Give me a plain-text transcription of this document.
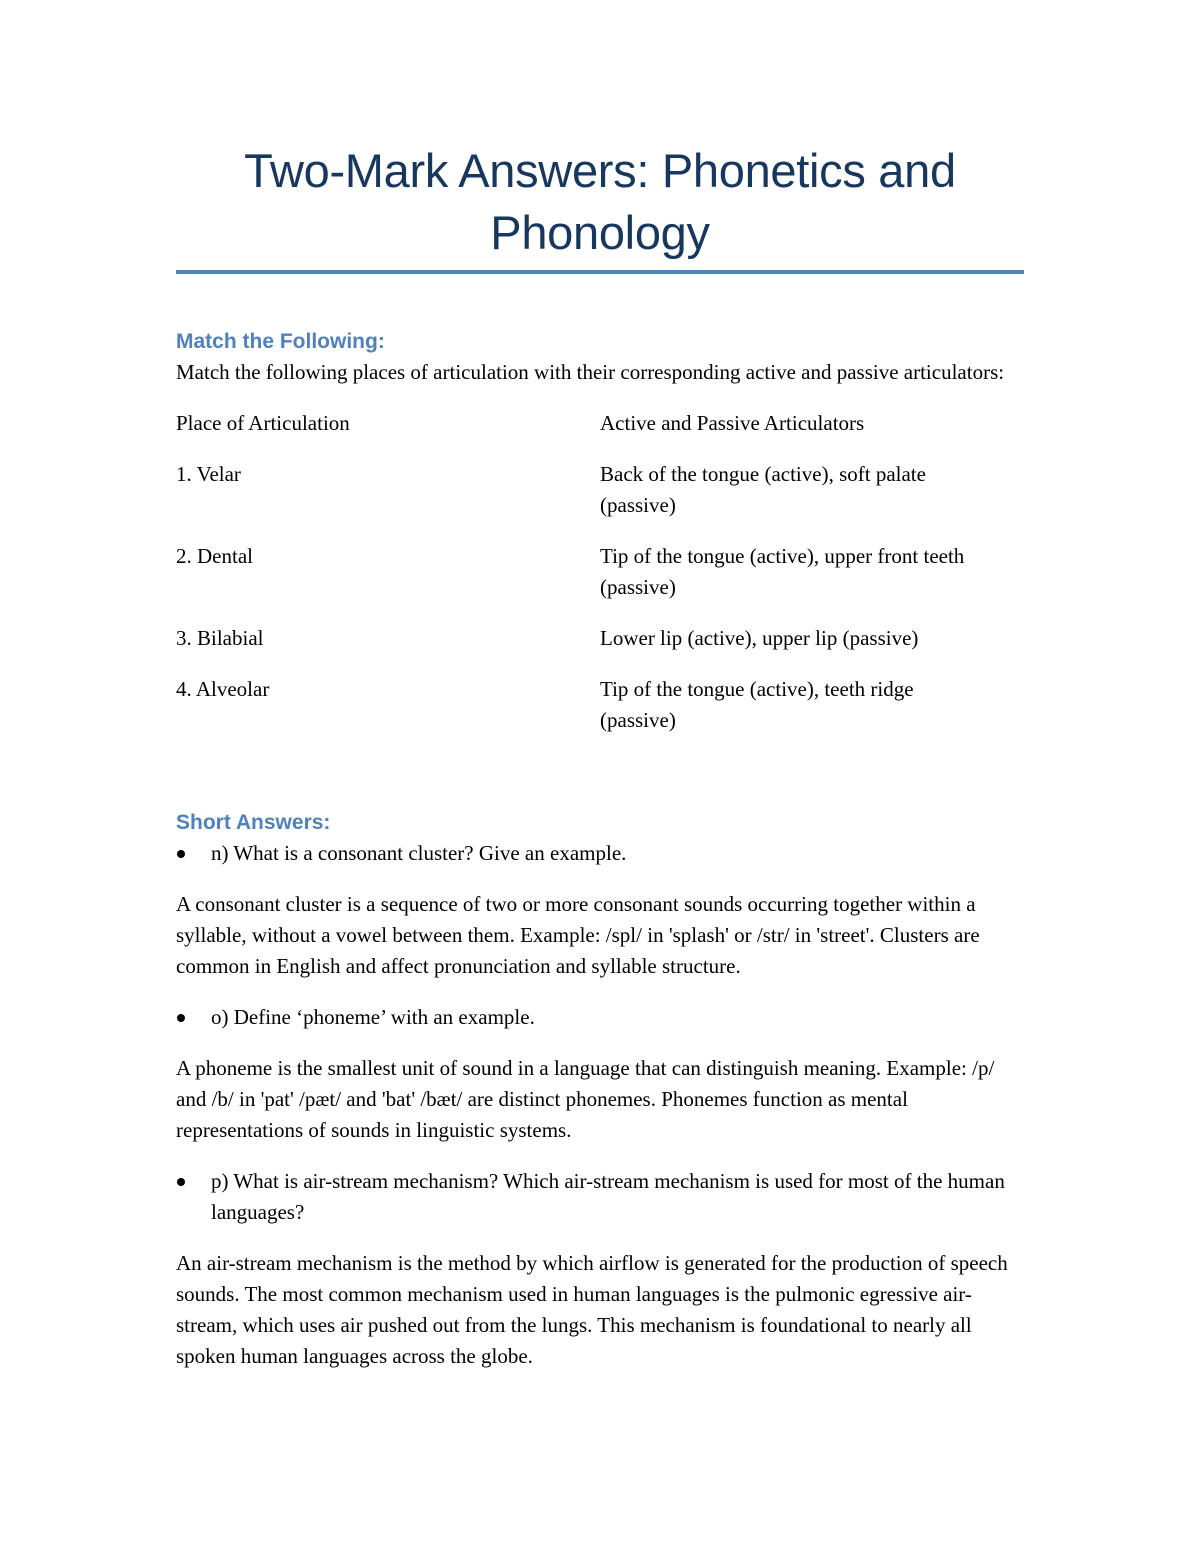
Two-Mark Answers: Phonetics and Phonology
Match the Following:

Match the following places of articulation with their corresponding active and passive articulators:

Place of Articulation	Active and Passive Articulators
1. Velar	Back of the tongue (active), soft palate (passive)
2. Dental	Tip of the tongue (active), upper front teeth (passive)
3. Bilabial	Lower lip (active), upper lip (passive)
4. Alveolar	Tip of the tongue (active), teeth ridge (passive)
Short Answers:
n) What is a consonant cluster? Give an example.

A consonant cluster is a sequence of two or more consonant sounds occurring together within a syllable, without a vowel between them. Example: /spl/ in 'splash' or /str/ in 'street'. Clusters are common in English and affect pronunciation and syllable structure.

o) Define ‘phoneme’ with an example.

A phoneme is the smallest unit of sound in a language that can distinguish meaning. Example: /p/ and /b/ in 'pat' /pæt/ and 'bat' /bæt/ are distinct phonemes. Phonemes function as mental representations of sounds in linguistic systems.

p) What is air-stream mechanism? Which air-stream mechanism is used for most of the human languages?

An air-stream mechanism is the method by which airflow is generated for the production of speech sounds. The most common mechanism used in human languages is the pulmonic egressive air-stream, which uses air pushed out from the lungs. This mechanism is foundational to nearly all spoken human languages across the globe.
